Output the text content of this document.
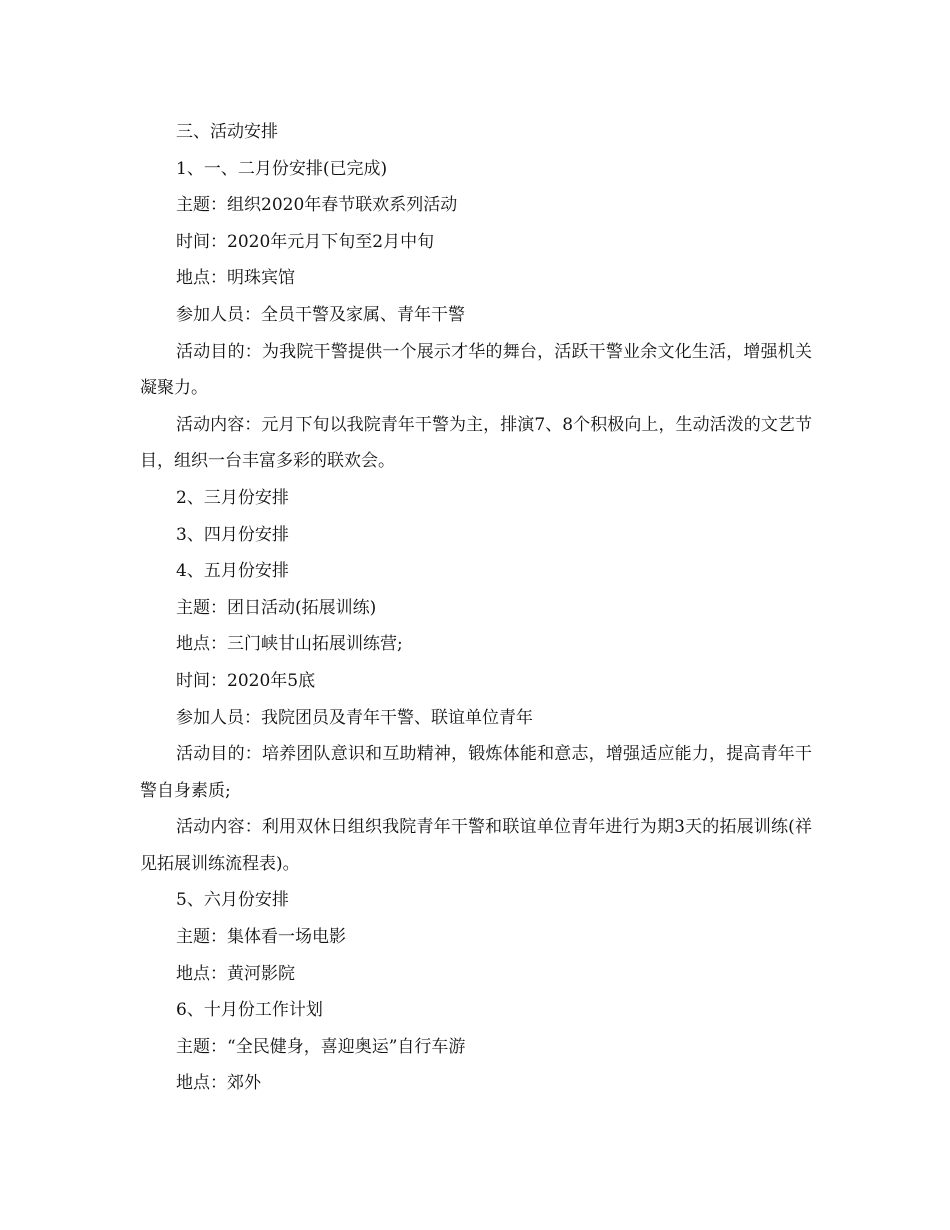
三、活动安排

1、一、二月份安排(已完成)

主题：组织2020年春节联欢系列活动

时间：2020年元月下旬至2月中旬

地点：明珠宾馆

参加人员：全员干警及家属、青年干警

活动目的：为我院干警提供一个展示才华的舞台，活跃干警业余文化生活，增强机关凝聚力。

活动内容：元月下旬以我院青年干警为主，排演7、8个积极向上，生动活泼的文艺节目，组织一台丰富多彩的联欢会。

2、三月份安排

3、四月份安排

4、五月份安排

主题：团日活动(拓展训练)

地点：三门峡甘山拓展训练营;

时间：2020年5底

参加人员：我院团员及青年干警、联谊单位青年

活动目的：培养团队意识和互助精神，锻炼体能和意志，增强适应能力，提高青年干警自身素质;

活动内容：利用双休日组织我院青年干警和联谊单位青年进行为期3天的拓展训练(祥见拓展训练流程表)。

5、六月份安排

主题：集体看一场电影

地点：黄河影院

6、十月份工作计划

主题：“全民健身，喜迎奥运”自行车游

地点：郊外
